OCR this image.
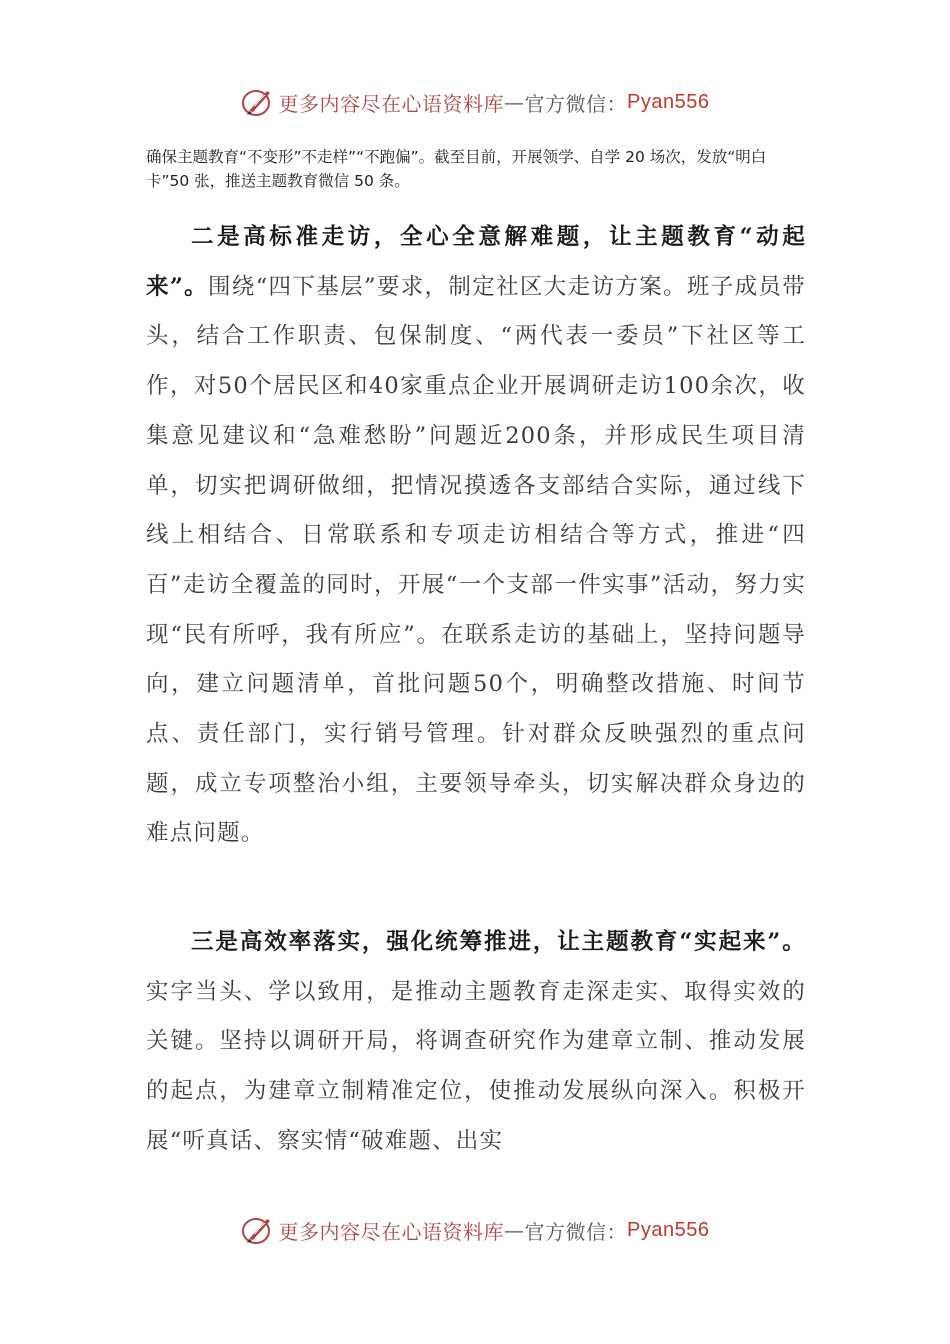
更多内容尽在心语资料库 — 官方微信： Pyan556

确保主题教育“不变形”不走样”“不跑偏”。截至目前，开展领学、自学 20 场次，发放“明白卡”50 张，推送主题教育微信 50 条。

二是高标准走访，全心全意解难题，让主题教育“动起来”。围绕“四下基层”要求，制定社区大走访方案。班子成员带头，结合工作职责、包保制度、“两代表一委员”下社区等工作，对50个居民区和40家重点企业开展调研走访100余次，收集意见建议和“急难愁盼”问题近200条，并形成民生项目清单，切实把调研做细，把情况摸透各支部结合实际，通过线下线上相结合、日常联系和专项走访相结合等方式，推进“四百”走访全覆盖的同时，开展“一个支部一件实事”活动，努力实现“民有所呼，我有所应”。在联系走访的基础上，坚持问题导向，建立问题清单，首批问题50个，明确整改措施、时间节点、责任部门，实行销号管理。针对群众反映强烈的重点问题，成立专项整治小组，主要领导牵头，切实解决群众身边的难点问题。

三是高效率落实，强化统筹推进，让主题教育“实起来”。实字当头、学以致用，是推动主题教育走深走实、取得实效的关键。坚持以调研开局，将调查研究作为建章立制、推动发展的起点，为建章立制精准定位，使推动发展纵向深入。积极开展“听真话、察实情“破难题、出实

更多内容尽在心语资料库 — 官方微信： Pyan556
